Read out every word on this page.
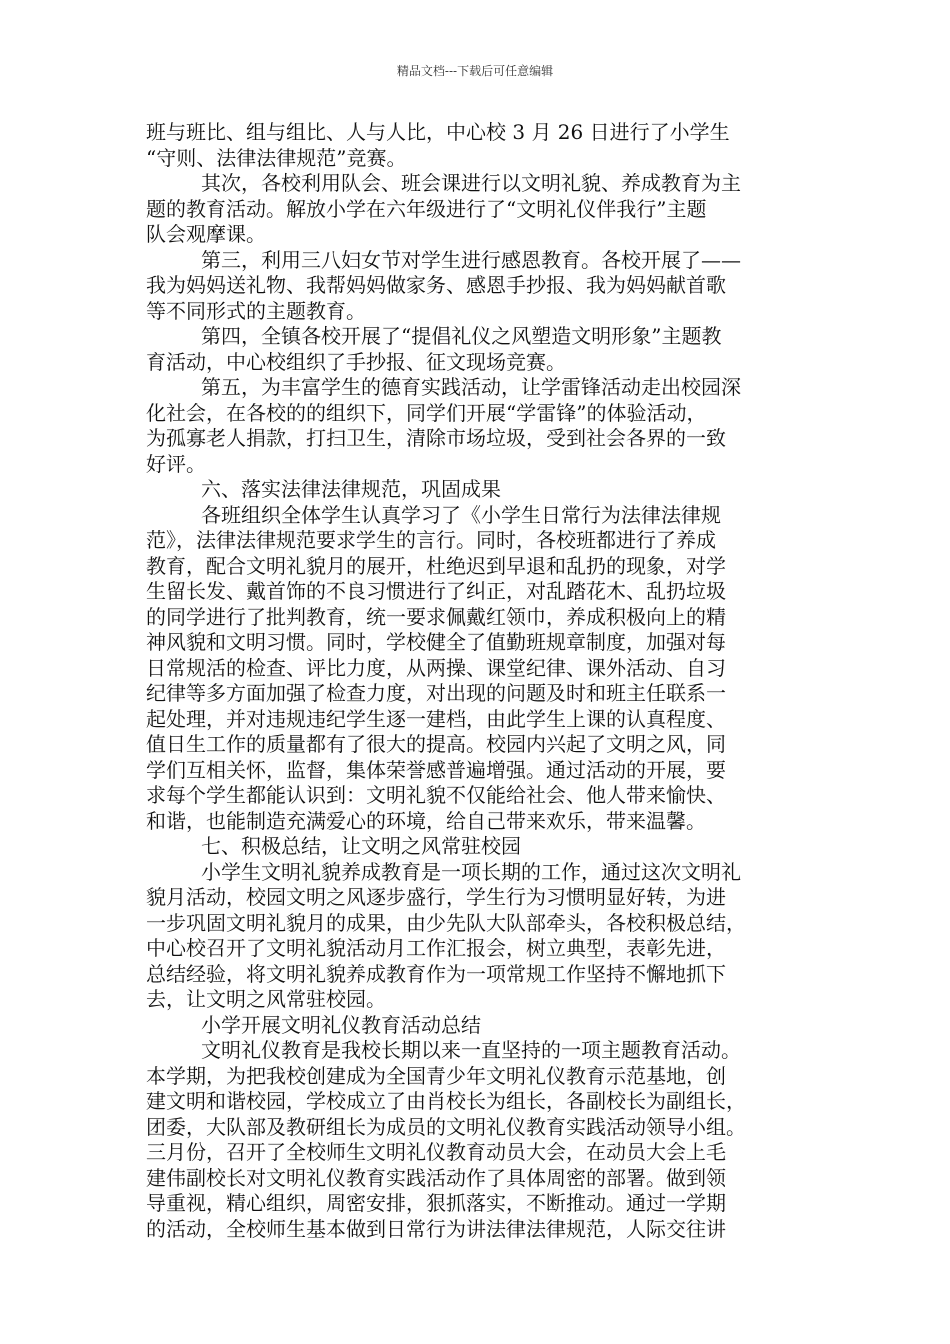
精品文档---下载后可任意编辑
班与班比、组与组比、人与人比，中心校 3 月 26 日进行了小学生
“守则、法律法律规范”竞赛。
其次，各校利用队会、班会课进行以文明礼貌、养成教育为主
题的教育活动。解放小学在六年级进行了“文明礼仪伴我行”主题
队会观摩课。
第三，利用三八妇女节对学生进行感恩教育。各校开展了——
我为妈妈送礼物、我帮妈妈做家务、感恩手抄报、我为妈妈献首歌
等不同形式的主题教育。
第四，全镇各校开展了“提倡礼仪之风塑造文明形象”主题教
育活动，中心校组织了手抄报、征文现场竞赛。
第五，为丰富学生的德育实践活动，让学雷锋活动走出校园深
化社会，在各校的的组织下，同学们开展“学雷锋”的体验活动，
为孤寡老人捐款，打扫卫生，清除市场垃圾，受到社会各界的一致
好评。
六、落实法律法律规范，巩固成果
各班组织全体学生认真学习了《小学生日常行为法律法律规
范》，法律法律规范要求学生的言行。同时，各校班都进行了养成
教育，配合文明礼貌月的展开，杜绝迟到早退和乱扔的现象，对学
生留长发、戴首饰的不良习惯进行了纠正，对乱踏花木、乱扔垃圾
的同学进行了批判教育，统一要求佩戴红领巾，养成积极向上的精
神风貌和文明习惯。同时，学校健全了值勤班规章制度，加强对每
日常规活的检查、评比力度，从两操、课堂纪律、课外活动、自习
纪律等多方面加强了检查力度，对出现的问题及时和班主任联系一
起处理，并对违规违纪学生逐一建档，由此学生上课的认真程度、
值日生工作的质量都有了很大的提高。校园内兴起了文明之风，同
学们互相关怀，监督，集体荣誉感普遍增强。通过活动的开展，要
求每个学生都能认识到：文明礼貌不仅能给社会、他人带来愉快、
和谐，也能制造充满爱心的环境，给自己带来欢乐，带来温馨。
七、积极总结，让文明之风常驻校园
小学生文明礼貌养成教育是一项长期的工作，通过这次文明礼
貌月活动，校园文明之风逐步盛行，学生行为习惯明显好转，为进
一步巩固文明礼貌月的成果，由少先队大队部牵头，各校积极总结，
中心校召开了文明礼貌活动月工作汇报会，树立典型，表彰先进，
总结经验，将文明礼貌养成教育作为一项常规工作坚持不懈地抓下
去，让文明之风常驻校园。
小学开展文明礼仪教育活动总结
文明礼仪教育是我校长期以来一直坚持的一项主题教育活动。
本学期，为把我校创建成为全国青少年文明礼仪教育示范基地，创
建文明和谐校园，学校成立了由肖校长为组长，各副校长为副组长，
团委，大队部及教研组长为成员的文明礼仪教育实践活动领导小组。
三月份，召开了全校师生文明礼仪教育动员大会，在动员大会上毛
建伟副校长对文明礼仪教育实践活动作了具体周密的部署。做到领
导重视，精心组织，周密安排，狠抓落实，不断推动。通过一学期
的活动，全校师生基本做到日常行为讲法律法律规范，人际交往讲
